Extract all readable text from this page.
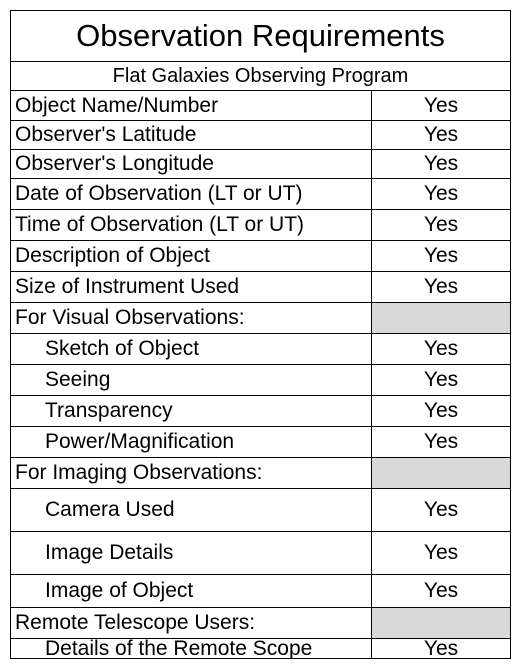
Observation Requirements
Flat Galaxies Observing Program
Object Name/Number	Yes
Observer's Latitude	Yes
Observer's Longitude	Yes
Date of Observation (LT or UT)	Yes
Time of Observation (LT or UT)	Yes
Description of Object	Yes
Size of Instrument Used	Yes
For Visual Observations:
Sketch of Object	Yes
Seeing	Yes
Transparency	Yes
Power/Magnification	Yes
For Imaging Observations:
Camera Used	Yes
Image Details	Yes
Image of Object	Yes
Remote Telescope Users:
Details of the Remote Scope	Yes
